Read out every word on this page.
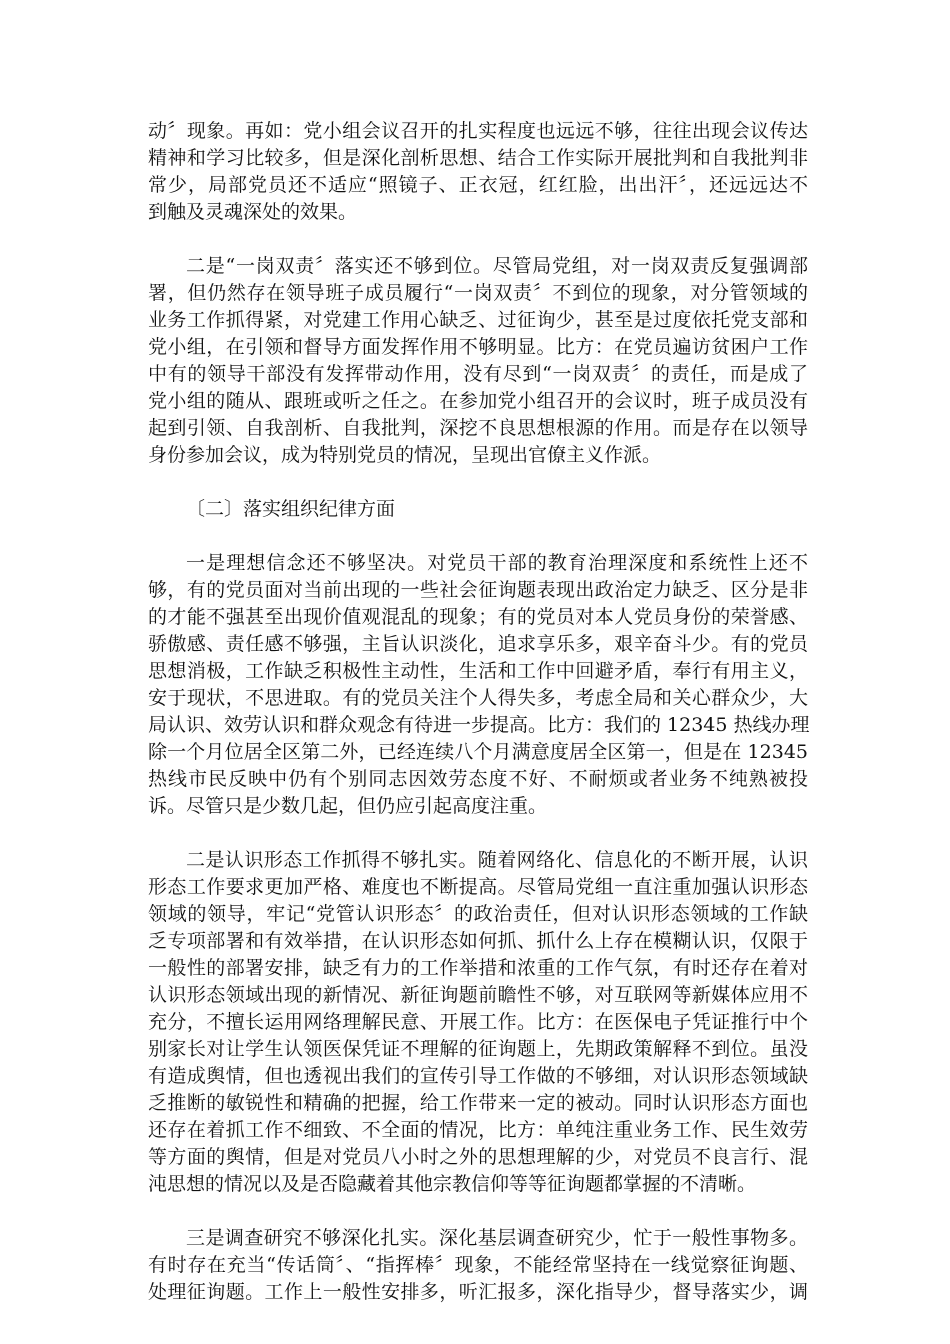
动〞现象。再如：党小组会议召开的扎实程度也远远不够，往往出现会议传达
精神和学习比较多，但是深化剖析思想、结合工作实际开展批判和自我批判非
常少，局部党员还不适应“照镜子、正衣冠，红红脸，出出汗〞，还远远达不
到触及灵魂深处的效果。
二是“一岗双责〞落实还不够到位。尽管局党组，对一岗双责反复强调部
署，但仍然存在领导班子成员履行“一岗双责〞不到位的现象，对分管领域的
业务工作抓得紧，对党建工作用心缺乏、过征询少，甚至是过度依托党支部和
党小组，在引领和督导方面发挥作用不够明显。比方：在党员遍访贫困户工作
中有的领导干部没有发挥带动作用，没有尽到“一岗双责〞的责任，而是成了
党小组的随从、跟班或听之任之。在参加党小组召开的会议时，班子成员没有
起到引领、自我剖析、自我批判，深挖不良思想根源的作用。而是存在以领导
身份参加会议，成为特别党员的情况，呈现出官僚主义作派。
〔二〕落实组织纪律方面
一是理想信念还不够坚决。对党员干部的教育治理深度和系统性上还不
够，有的党员面对当前出现的一些社会征询题表现出政治定力缺乏、区分是非
的才能不强甚至出现价值观混乱的现象；有的党员对本人党员身份的荣誉感、
骄傲感、责任感不够强，主旨认识淡化，追求享乐多，艰辛奋斗少。有的党员
思想消极，工作缺乏积极性主动性，生活和工作中回避矛盾，奉行有用主义，
安于现状，不思进取。有的党员关注个人得失多，考虑全局和关心群众少，大
局认识、效劳认识和群众观念有待进一步提高。比方：我们的 12345 热线办理
除一个月位居全区第二外，已经连续八个月满意度居全区第一，但是在 12345
热线市民反映中仍有个别同志因效劳态度不好、不耐烦或者业务不纯熟被投
诉。尽管只是少数几起，但仍应引起高度注重。
二是认识形态工作抓得不够扎实。随着网络化、信息化的不断开展，认识
形态工作要求更加严格、难度也不断提高。尽管局党组一直注重加强认识形态
领域的领导，牢记“党管认识形态〞的政治责任，但对认识形态领域的工作缺
乏专项部署和有效举措，在认识形态如何抓、抓什么上存在模糊认识，仅限于
一般性的部署安排，缺乏有力的工作举措和浓重的工作气氛，有时还存在着对
认识形态领域出现的新情况、新征询题前瞻性不够，对互联网等新媒体应用不
充分，不擅长运用网络理解民意、开展工作。比方：在医保电子凭证推行中个
别家长对让学生认领医保凭证不理解的征询题上，先期政策解释不到位。虽没
有造成舆情，但也透视出我们的宣传引导工作做的不够细，对认识形态领域缺
乏推断的敏锐性和精确的把握，给工作带来一定的被动。同时认识形态方面也
还存在着抓工作不细致、不全面的情况，比方：单纯注重业务工作、民生效劳
等方面的舆情，但是对党员八小时之外的思想理解的少，对党员不良言行、混
沌思想的情况以及是否隐藏着其他宗教信仰等等征询题都掌握的不清晰。
三是调查研究不够深化扎实。深化基层调查研究少，忙于一般性事物多。
有时存在充当“传话筒〞、“指挥棒〞现象，不能经常坚持在一线觉察征询题、
处理征询题。工作上一般性安排多，听汇报多，深化指导少，督导落实少，调
